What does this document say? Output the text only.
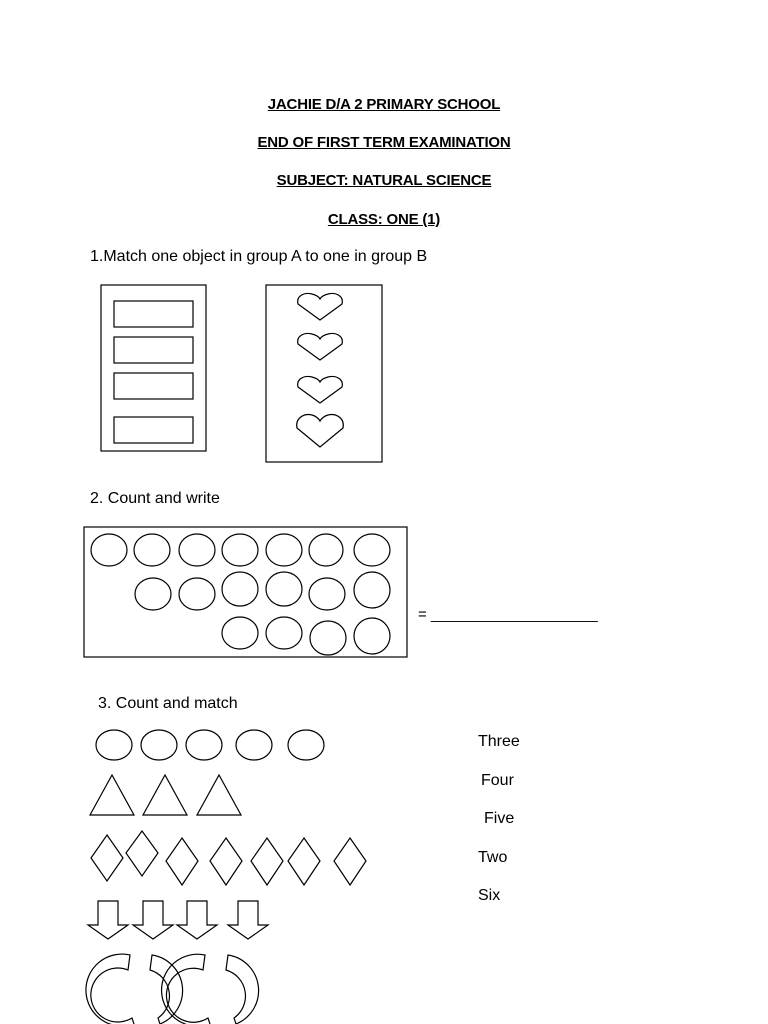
JACHIE D/A 2 PRIMARY SCHOOL
END OF FIRST TERM EXAMINATION
SUBJECT: NATURAL SCIENCE
CLASS: ONE (1)
1.Match one object in group A to one in group B
2. Count and write
= ____________________
3. Count and match
Three
Four
Five
Two
Six
